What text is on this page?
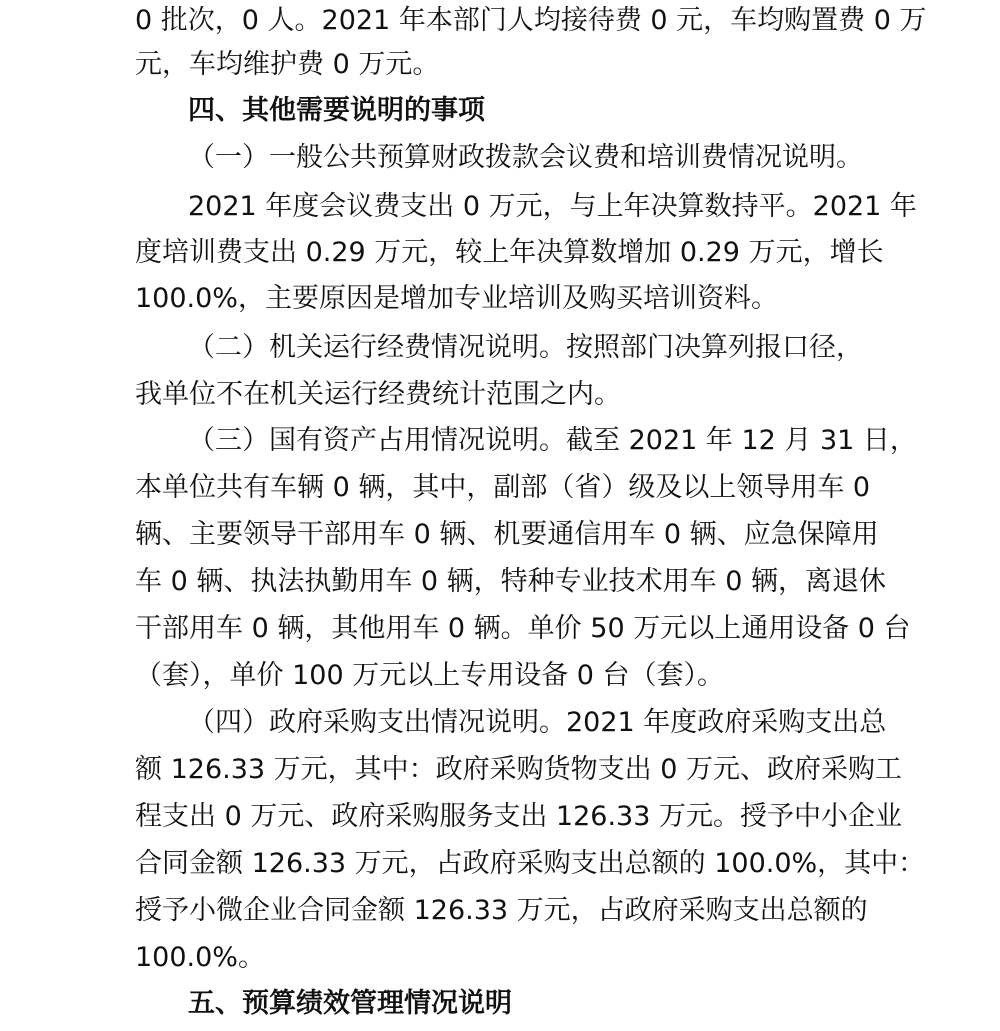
0 批次，0 人。2021 年本部门人均接待费 0 元，车均购置费 0 万
元，车均维护费 0 万元。
四、其他需要说明的事项
（一）一般公共预算财政拨款会议费和培训费情况说明。
2021 年度会议费支出 0 万元，与上年决算数持平。2021 年
度培训费支出 0.29 万元，较上年决算数增加 0.29 万元，增长
100.0%，主要原因是增加专业培训及购买培训资料。
（二）机关运行经费情况说明。按照部门决算列报口径，
我单位不在机关运行经费统计范围之内。
（三）国有资产占用情况说明。截至 2021 年 12 月 31 日，
本单位共有车辆 0 辆，其中，副部（省）级及以上领导用车 0
辆、主要领导干部用车 0 辆、机要通信用车 0 辆、应急保障用
车 0 辆、执法执勤用车 0 辆，特种专业技术用车 0 辆，离退休
干部用车 0 辆，其他用车 0 辆。单价 50 万元以上通用设备 0 台
（套），单价 100 万元以上专用设备 0 台（套）。
（四）政府采购支出情况说明。2021 年度政府采购支出总
额 126.33 万元，其中：政府采购货物支出 0 万元、政府采购工
程支出 0 万元、政府采购服务支出 126.33 万元。授予中小企业
合同金额 126.33 万元，占政府采购支出总额的 100.0%，其中：
授予小微企业合同金额 126.33 万元，占政府采购支出总额的
100.0%。
五、预算绩效管理情况说明
